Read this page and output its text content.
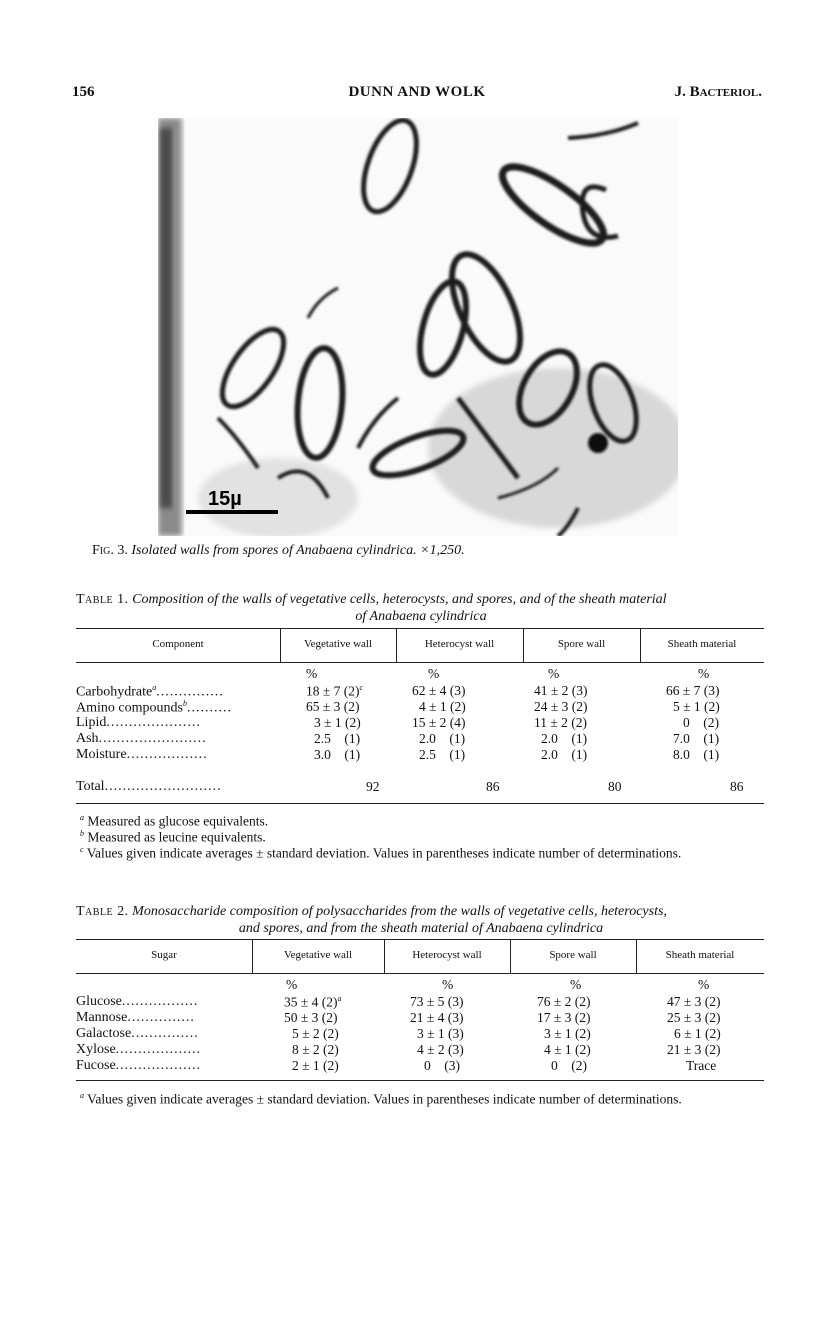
156	DUNN AND WOLK	J. Bacteriol.
15µ
Fig. 3. Isolated walls from spores of Anabaena cylindrica. ×1,250.
Table 1. Composition of the walls of vegetative cells, heterocysts, and spores, and of the sheath material
of Anabaena cylindrica
Component	Vegetative wall	Heterocyst wall	Spore wall	Sheath material
%	%	%	%
Carbohydrate$^a$...............	18 ± 7 $(2)^c$	62 ± 4 (3)	41 ± 2 (3)	66 ± 7 (3)
Amino compounds$^b$..........	65 ± 3 (2)	4 ± 1 (2)	24 ± 3 (2)	5 ± 1 (2)
Lipid.....................	3 ± 1 (2)	15 ± 2 (4)	11 ± 2 (2)	0    (2)
Ash........................	2.5    (1)	2.0    (1)	2.0    (1)	7.0    (1)
Moisture..................	3.0    (1)	2.5    (1)	2.0    (1)	8.0    (1)
Total..........................	92	86	80	86
$^a$ Measured as glucose equivalents.
$^b$ Measured as leucine equivalents.
$^c$ Values given indicate averages ± standard deviation. Values in parentheses indicate number of determinations.
Table 2. Monosaccharide composition of polysaccharides from the walls of vegetative cells, heterocysts,
and spores, and from the sheath material of Anabaena cylindrica
Sugar	Vegetative wall	Heterocyst wall	Spore wall	Sheath material
%	%	%	%
Glucose.................	35 ± 4 $(2)^a$	73 ± 5 (3)	76 ± 2 (2)	47 ± 3 (2)
Mannose...............	50 ± 3 (2)	21 ± 4 (3)	17 ± 3 (2)	25 ± 3 (2)
Galactose...............	5 ± 2 (2)	3 ± 1 (3)	3 ± 1 (2)	6 ± 1 (2)
Xylose...................	8 ± 2 (2)	4 ± 2 (3)	4 ± 1 (2)	21 ± 3 (2)
Fucose...................	2 ± 1 (2)	0    (3)	0    (2)	Trace
$^a$ Values given indicate averages ± standard deviation. Values in parentheses indicate number of determinations.
